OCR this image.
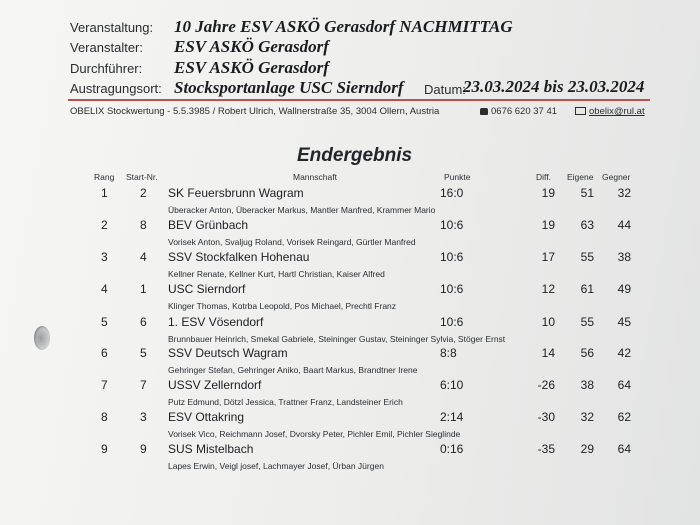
Veranstaltung:	10 Jahre ESV ASKÖ Gerasdorf NACHMITTAG
Veranstalter:	ESV ASKÖ Gerasdorf
Durchführer:	ESV ASKÖ Gerasdorf
Austragungsort: Stocksportanlage USC Sierndorf Datum:
23.03.2024 bis 23.03.2024
OBELIX Stockwertung - 5.5.3985 / Robert Ulrich, Wallnerstraße 35, 3004 Ollern, Austria	0676 620 37 41	obelix@rul.at
Endergebnis
Rang Start-Nr.	Mannschaft	Punkte	Diff. Eigene Gegner
1	2 SK Feuersbrunn Wagram	16:0	19	51	32
Überacker Anton, Überacker Markus, Mantler Manfred, Krammer Mario
2	8 BEV Grünbach	10:6	19	63	44
Vorisek Anton, Svaljug Roland, Vorisek Reingard, Gürtler Manfred
3	4 SSV Stockfalken Hohenau	10:6	17	55	38
Kellner Renate, Kellner Kurt, Hartl Christian, Kaiser Alfred
4	1 USC Sierndorf	10:6	12	61	49
Klinger Thomas, Kotrba Leopold, Pos Michael, Prechtl Franz
5	6 1. ESV Vösendorf	10:6	10	55	45
Brunnbauer Heinrich, Smekal Gabriele, Steininger Gustav, Steininger Sylvia, Stöger Ernst
6	5 SSV Deutsch Wagram	8:8	14	56	42
Gehringer Stefan, Gehringer Aniko, Baart Markus, Brandtner Irene
7	7 USSV Zellerndorf	6:10	-26	38	64
Putz Edmund, Dötzl Jessica, Trattner Franz, Landsteiner Erich
8	3 ESV Ottakring	2:14	-30	32	62
Vorisek Vico, Reichmann Josef, Dvorsky Peter, Pichler Emil, Pichler Sieglinde
9	9 SUS Mistelbach	0:16	-35	29	64
Lapes Erwin, Veigl josef, Lachmayer Josef, Ürban Jürgen
